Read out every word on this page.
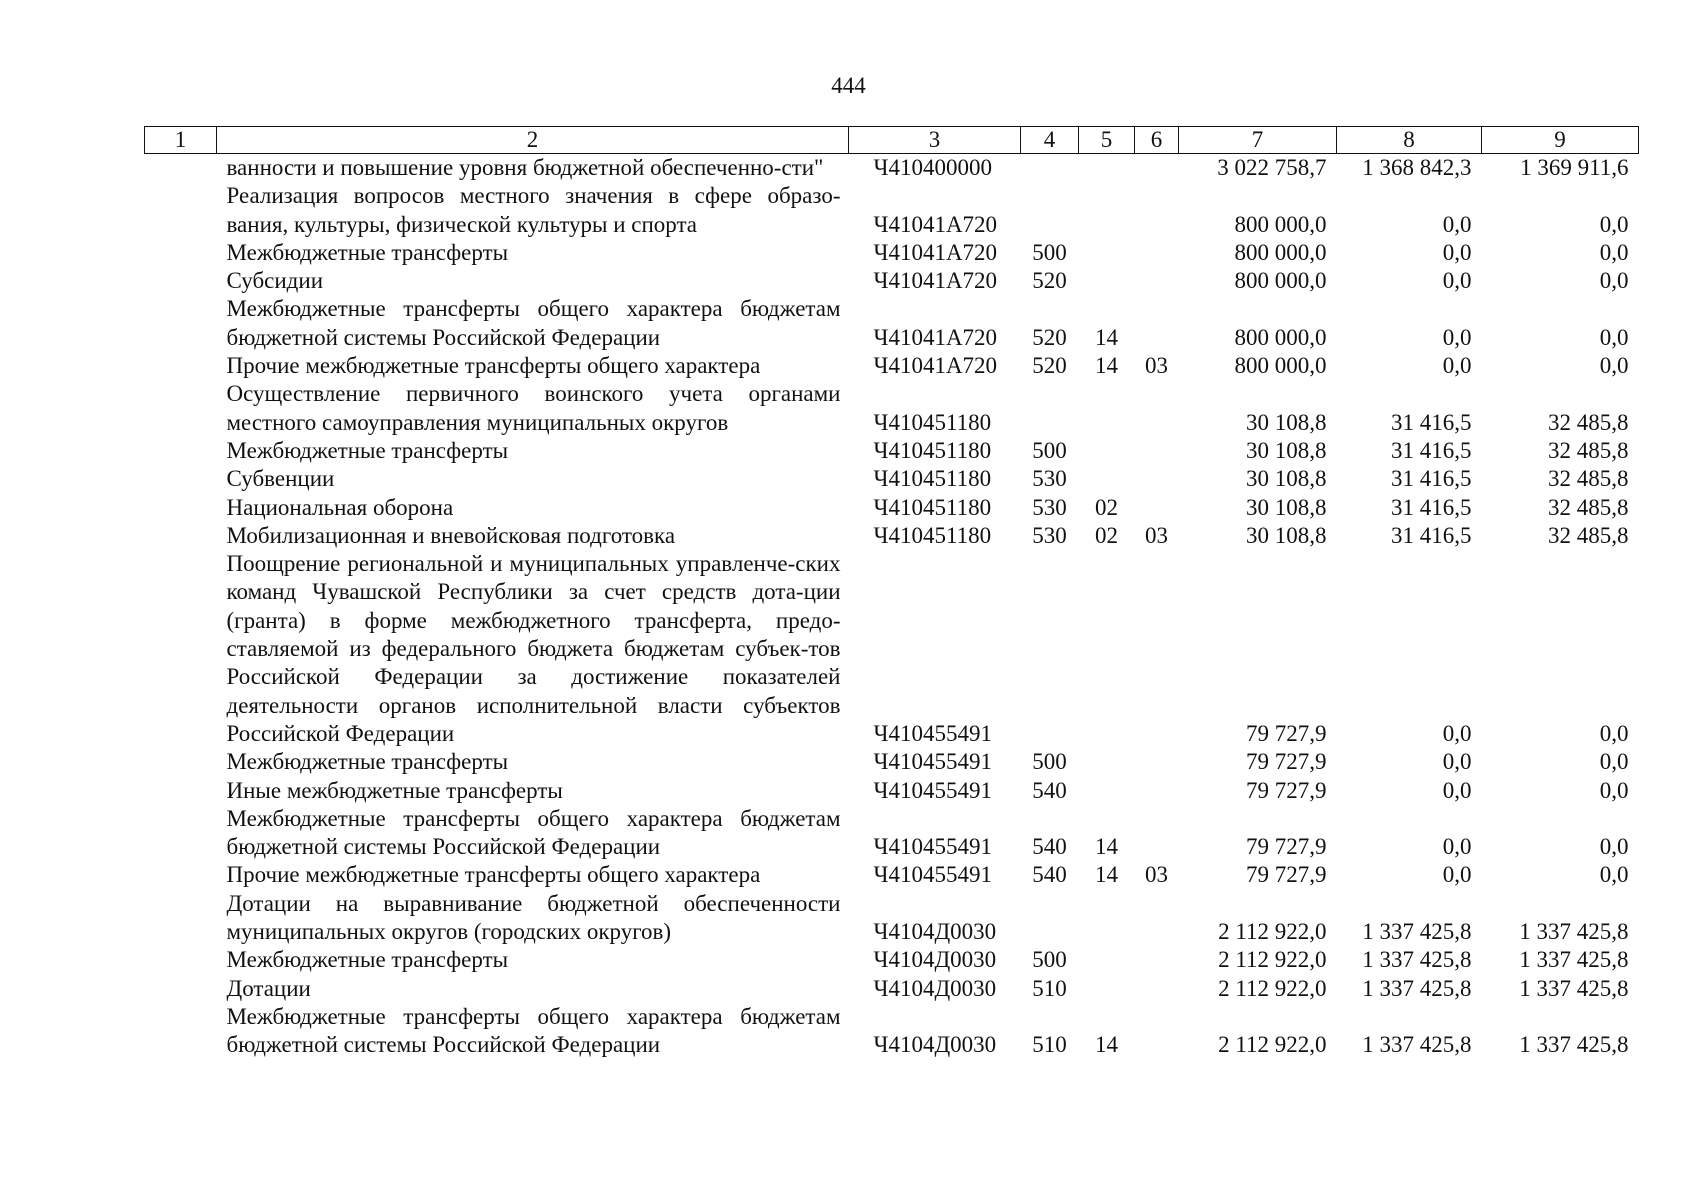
444
1	2	3	4	5	6	7	8	9
	ванности и повышение уровня бюджетной обеспеченно-сти"	Ч410400000				3 022 758,7	1 368 842,3	1 369 911,6
	Реализация вопросов местного значения в сфере образо-вания, культуры, физической культуры и спорта	Ч41041А720				800 000,0	0,0	0,0
	Межбюджетные трансферты	Ч41041А720	500			800 000,0	0,0	0,0
	Субсидии	Ч41041А720	520			800 000,0	0,0	0,0
	Межбюджетные трансферты общего характера бюджетам бюджетной системы Российской Федерации	Ч41041А720	520	14		800 000,0	0,0	0,0
	Прочие межбюджетные трансферты общего характера	Ч41041А720	520	14	03	800 000,0	0,0	0,0
	Осуществление первичного воинского учета органами местного самоуправления муниципальных округов	Ч410451180				30 108,8	31 416,5	32 485,8
	Межбюджетные трансферты	Ч410451180	500			30 108,8	31 416,5	32 485,8
	Субвенции	Ч410451180	530			30 108,8	31 416,5	32 485,8
	Национальная оборона	Ч410451180	530	02		30 108,8	31 416,5	32 485,8
	Мобилизационная и вневойсковая подготовка	Ч410451180	530	02	03	30 108,8	31 416,5	32 485,8
	Поощрение региональной и муниципальных управленче-ских команд Чувашской Республики за счет средств дота-ции (гранта) в форме межбюджетного трансферта, предо-ставляемой из федерального бюджета бюджетам субъек-тов Российской Федерации за достижение показателей деятельности органов исполнительной власти субъектов Российской Федерации	Ч410455491				79 727,9	0,0	0,0
	Межбюджетные трансферты	Ч410455491	500			79 727,9	0,0	0,0
	Иные межбюджетные трансферты	Ч410455491	540			79 727,9	0,0	0,0
	Межбюджетные трансферты общего характера бюджетам бюджетной системы Российской Федерации	Ч410455491	540	14		79 727,9	0,0	0,0
	Прочие межбюджетные трансферты общего характера	Ч410455491	540	14	03	79 727,9	0,0	0,0
	Дотации на выравнивание бюджетной обеспеченности муниципальных округов (городских округов)	Ч4104Д0030				2 112 922,0	1 337 425,8	1 337 425,8
	Межбюджетные трансферты	Ч4104Д0030	500			2 112 922,0	1 337 425,8	1 337 425,8
	Дотации	Ч4104Д0030	510			2 112 922,0	1 337 425,8	1 337 425,8
	Межбюджетные трансферты общего характера бюджетам бюджетной системы Российской Федерации	Ч4104Д0030	510	14		2 112 922,0	1 337 425,8	1 337 425,8
